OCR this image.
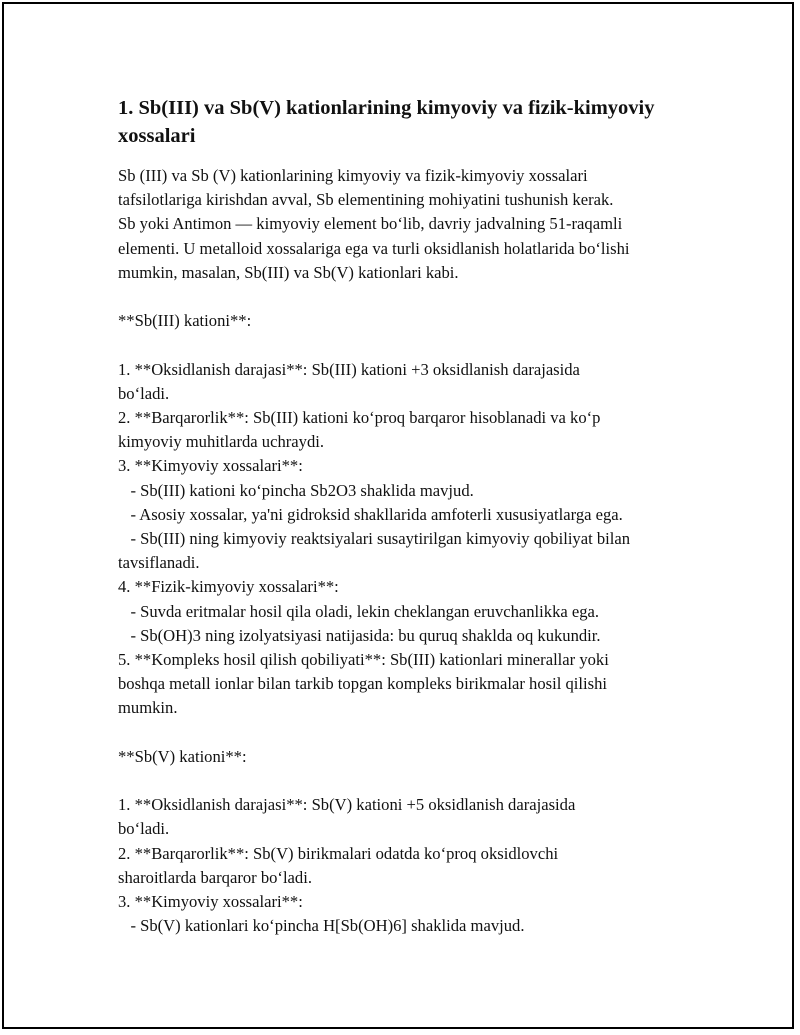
1. Sb(III) va Sb(V) kationlarining kimyoviy va fizik-kimyoviy xossalari

Sb (III) va Sb (V) kationlarining kimyoviy va fizik-kimyoviy xossalari
tafsilotlariga kirishdan avval, Sb elementining mohiyatini tushunish kerak.
Sb yoki Antimon — kimyoviy element bo‘lib, davriy jadvalning 51-raqamli
elementi. U metalloid xossalariga ega va turli oksidlanish holatlarida bo‘lishi
mumkin, masalan, Sb(III) va Sb(V) kationlari kabi.

**Sb(III) kationi**:

1. **Oksidlanish darajasi**: Sb(III) kationi +3 oksidlanish darajasida
bo‘ladi.
2. **Barqarorlik**: Sb(III) kationi ko‘proq barqaror hisoblanadi va ko‘p
kimyoviy muhitlarda uchraydi.
3. **Kimyoviy xossalari**:
- Sb(III) kationi ko‘pincha Sb2O3 shaklida mavjud.
- Asosiy xossalar, ya'ni gidroksid shakllarida amfoterli xususiyatlarga ega.
- Sb(III) ning kimyoviy reaktsiyalari susaytirilgan kimyoviy qobiliyat bilan
tavsiflanadi.
4. **Fizik-kimyoviy xossalari**:
- Suvda eritmalar hosil qila oladi, lekin cheklangan eruvchanlikka ega.
- Sb(OH)3 ning izolyatsiyasi natijasida: bu quruq shaklda oq kukundir.
5. **Kompleks hosil qilish qobiliyati**: Sb(III) kationlari minerallar yoki
boshqa metall ionlar bilan tarkib topgan kompleks birikmalar hosil qilishi
mumkin.

**Sb(V) kationi**:

1. **Oksidlanish darajasi**: Sb(V) kationi +5 oksidlanish darajasida
bo‘ladi.
2. **Barqarorlik**: Sb(V) birikmalari odatda ko‘proq oksidlovchi
sharoitlarda barqaror bo‘ladi.
3. **Kimyoviy xossalari**:
- Sb(V) kationlari ko‘pincha H[Sb(OH)6] shaklida mavjud.
